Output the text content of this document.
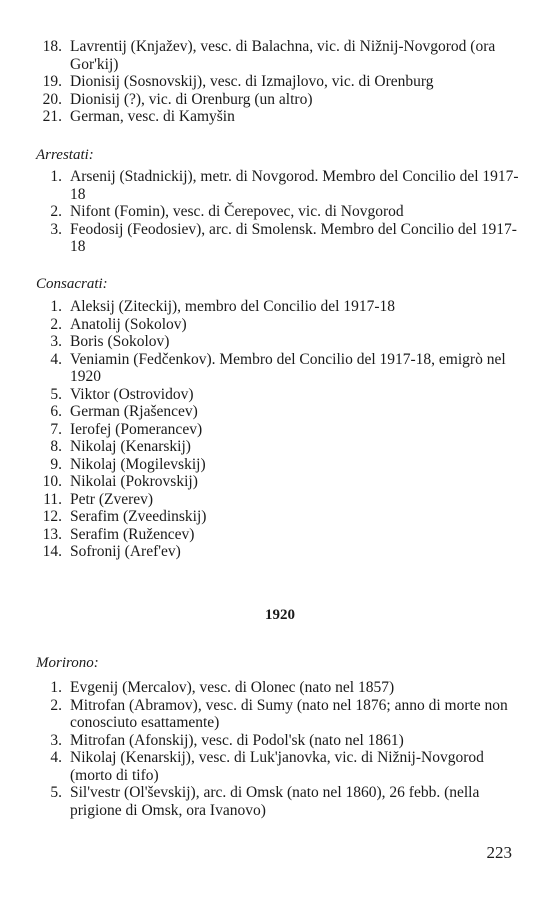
18. Lavrentij (Knjažev), vesc. di Balachna, vic. di Nižnij-Novgorod (ora Gor'kij)
19. Dionisij (Sosnovskij), vesc. di Izmajlovo, vic. di Orenburg
20. Dionisij (?), vic. di Orenburg (un altro)
21. German, vesc. di Kamyšin
Arrestati:
1. Arsenij (Stadnickij), metr. di Novgorod. Membro del Concilio del 1917-18
2. Nifont (Fomin), vesc. di Čerepovec, vic. di Novgorod
3. Feodosij (Feodosiev), arc. di Smolensk. Membro del Concilio del 1917-18
Consacrati:
1. Aleksij (Ziteckij), membro del Concilio del 1917-18
2. Anatolij (Sokolov)
3. Boris (Sokolov)
4. Veniamin (Fedčenkov). Membro del Concilio del 1917-18, emigrò nel 1920
5. Viktor (Ostrovidov)
6. German (Rjašencev)
7. Ierofej (Pomerancev)
8. Nikolaj (Kenarskij)
9. Nikolaj (Mogilevskij)
10. Nikolai (Pokrovskij)
11. Petr (Zverev)
12. Serafim (Zveedinskij)
13. Serafim (Ružencev)
14. Sofronij (Aref'ev)
1920
Morirono:
1. Evgenij (Mercalov), vesc. di Olonec (nato nel 1857)
2. Mitrofan (Abramov), vesc. di Sumy (nato nel 1876; anno di morte non conosciuto esattamente)
3. Mitrofan (Afonskij), vesc. di Podol'sk (nato nel 1861)
4. Nikolaj (Kenarskij), vesc. di Luk'janovka, vic. di Nižnij-Novgorod (morto di tifo)
5. Sil'vestr (Ol'ševskij), arc. di Omsk (nato nel 1860), 26 febb. (nella prigione di Omsk, ora Ivanovo)
223
